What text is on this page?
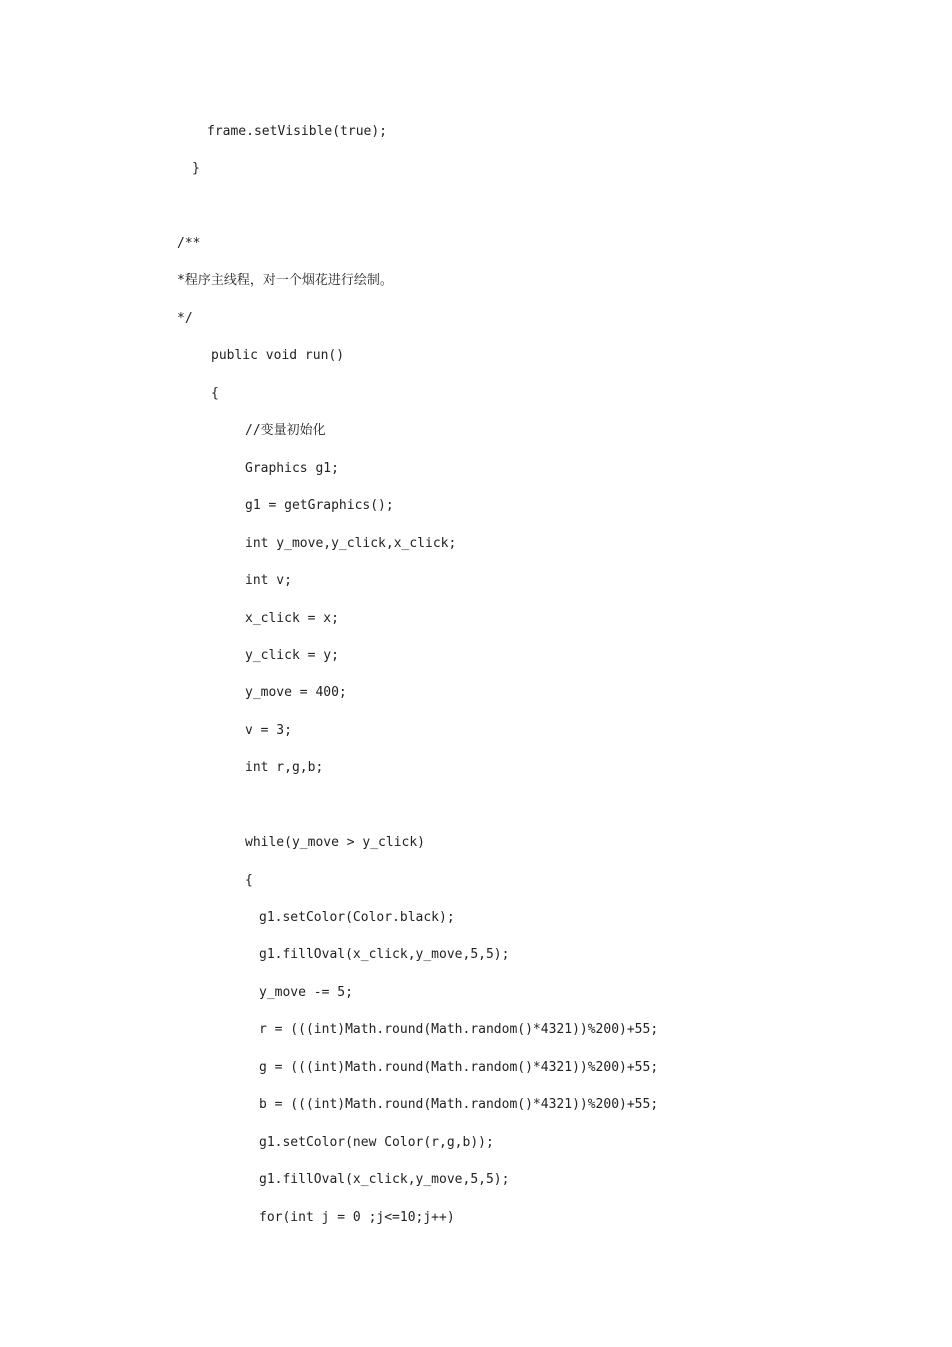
frame.setVisible(true);

}

/**

*程序主线程，对一个烟花进行绘制。

*/

public void run()

{

//变量初始化

Graphics g1;

g1 = getGraphics();

int y_move,y_click,x_click;

int v;

x_click = x;

y_click = y;

y_move = 400;

v = 3;

int r,g,b;

while(y_move > y_click)

{

g1.setColor(Color.black);

g1.fillOval(x_click,y_move,5,5);

y_move -= 5;

r = (((int)Math.round(Math.random()*4321))%200)+55;

g = (((int)Math.round(Math.random()*4321))%200)+55;

b = (((int)Math.round(Math.random()*4321))%200)+55;

g1.setColor(new Color(r,g,b));

g1.fillOval(x_click,y_move,5,5);

for(int j = 0 ;j<=10;j++)
